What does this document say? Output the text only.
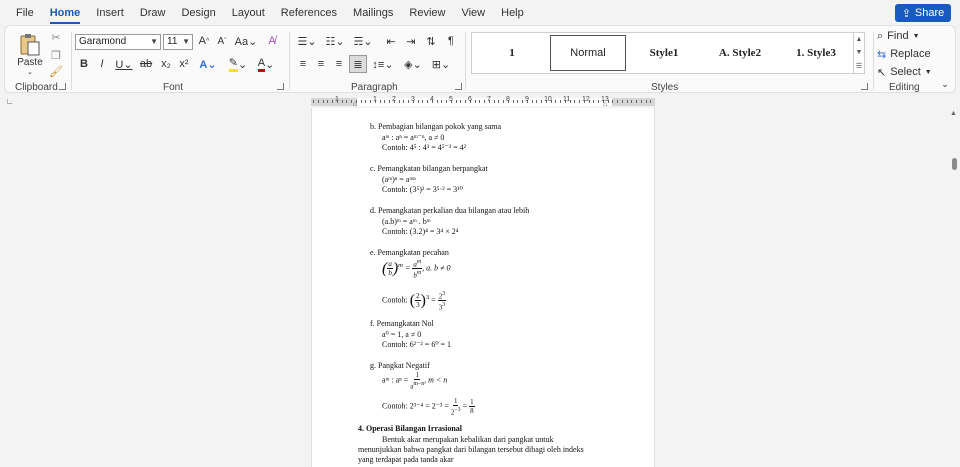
File	Home	Insert	Draw	Design	Layout	References	Mailings	Review	View	Help	⇪ Share
Paste
⌄
✂
❐
🖌
Clipboard
Garamond	▼ 11 ▼ A ^ A ˇ Aa⌄ A̸
B	I	U⌄ ab x₂ x² A⌄ ✎ ⌄ A ⌄
Font
☰⌄ ☷⌄ ☴⌄	⇤ ⇥ ⇅	¶
≡	≡	≡	≣ ↕≡⌄ ◈⌄ ⊞⌄
Paragraph
1	Normal	Style1	A. Style2	1. Style3
▲
▼
☰
Styles
⌕ Find ▼
⇆ Replace
↖ Select ▼
Editing ⌄
∟	1	1 2 3 4 5 6 7 8 9 10 11 12 13
⌂	⌂
b. Pembagian bilangan pokok yang sama
aᵐ : aⁿ = aᵐ⁻ⁿ, a ≠ 0
Contoh: 4⁵ : 4³ = 4⁵⁻³ = 4²
c. Pemangkatan bilangan berpangkat
(aᵐ)ⁿ = aᵐⁿ
Contoh: (3⁵)² = 3⁵·² = 3¹⁰
d. Pemangkatan perkalian dua bilangan atau lebih
(a.b)ᵐ = aᵐ . bᵐ
Contoh: (3.2)⁴ = 3⁴ × 2⁴
e. Pemangkatan pecahan
( $\frac{a}{b} )^m = \frac{a^m}{b^m}$ , a. b ≠ 0
Contoh: ( $\frac{2}{3} )^3 = \frac{2^3}{3^3}$
f. Pemangkatan Nol
a⁰ = 1, a ≠ 0
Contoh: 6²⁻² = 6⁰ = 1
g. Pangkat Negatif
aᵐ : $a^n = \frac{1}{a^{m-n}}$ , m < n
Contoh: $2^{3-4} = 2^{-3} = \frac{1}{2^{-3}} = \frac{1}{8}$
4. Operasi Bilangan Irrasional
Bentuk akar merupakan kebalikan dari pangkat untuk
menunjukkan bahwa pangkat dari bilangan tersebut dibagi oleh indeks
yang terdapat pada tanda akar
▲
